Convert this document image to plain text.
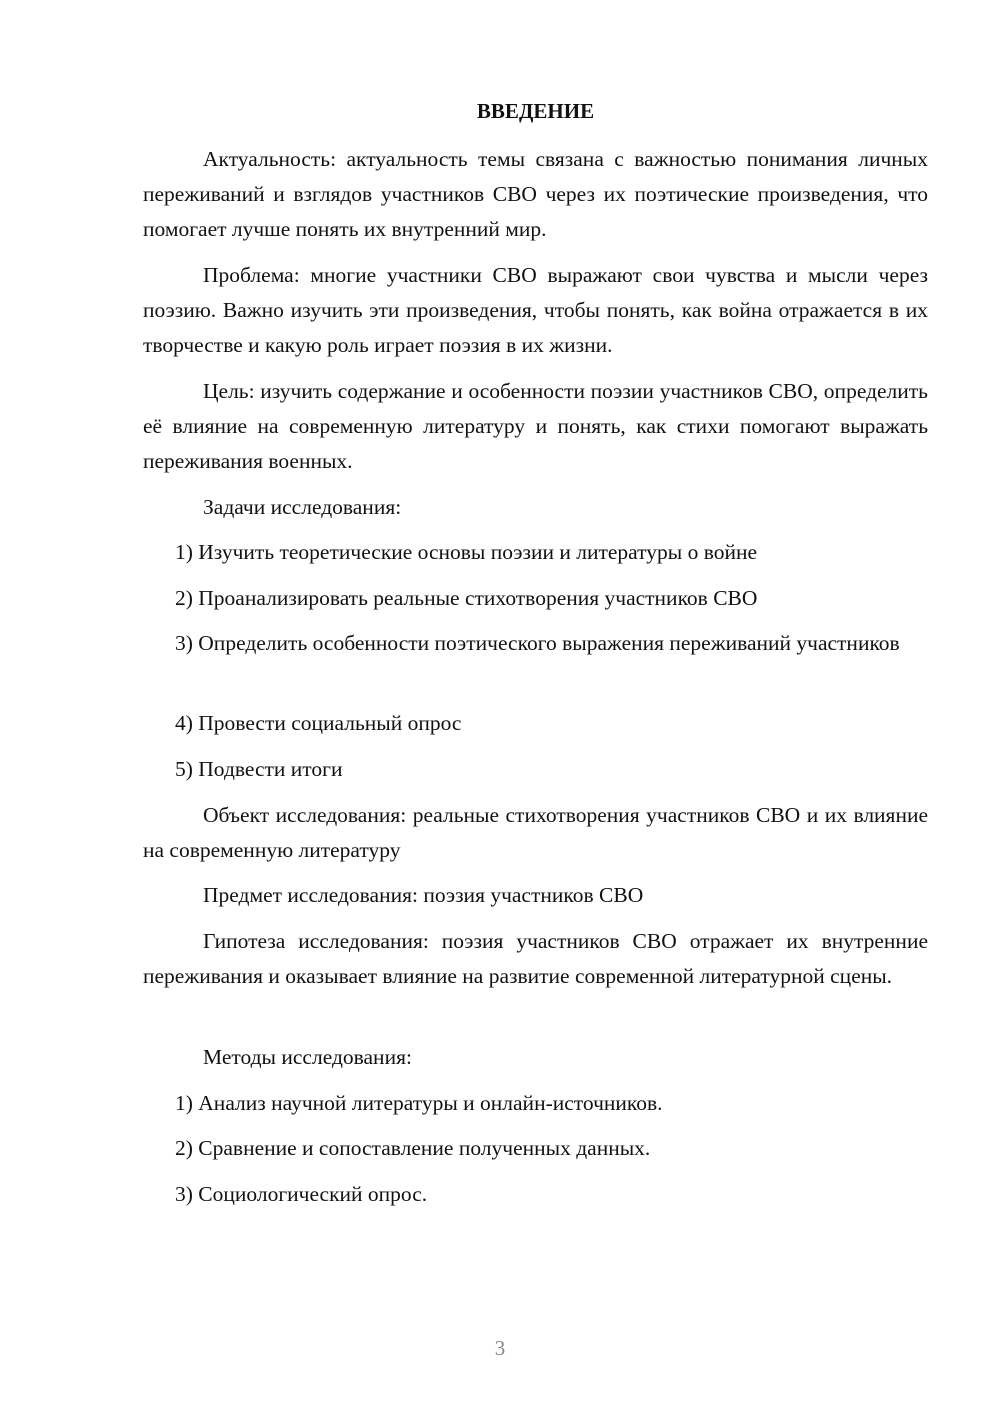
ВВЕДЕНИЕ

Актуальность: актуальность темы связана с важностью понимания личных переживаний и взглядов участников СВО через их поэтические произведения, что помогает лучше понять их внутренний мир.

Проблема: многие участники СВО выражают свои чувства и мысли через поэзию. Важно изучить эти произведения, чтобы понять, как война отражается в их творчестве и какую роль играет поэзия в их жизни.

Цель: изучить содержание и особенности поэзии участников СВО, определить её влияние на современную литературу и понять, как стихи помогают выражать переживания военных.

Задачи исследования:

1) Изучить теоретические основы поэзии и литературы о войне

2) Проанализировать реальные стихотворения участников СВО

3) Определить особенности поэтического выражения переживаний участников

4) Провести социальный опрос

5) Подвести итоги

Объект исследования: реальные стихотворения участников СВО и их влияние на современную литературу

Предмет исследования: поэзия участников СВО

Гипотеза исследования: поэзия участников СВО отражает их внутренние переживания и оказывает влияние на развитие современной литературной сцены.

Методы исследования:

1) Анализ научной литературы и онлайн-источников.

2) Сравнение и сопоставление полученных данных.

3) Социологический опрос.

3
